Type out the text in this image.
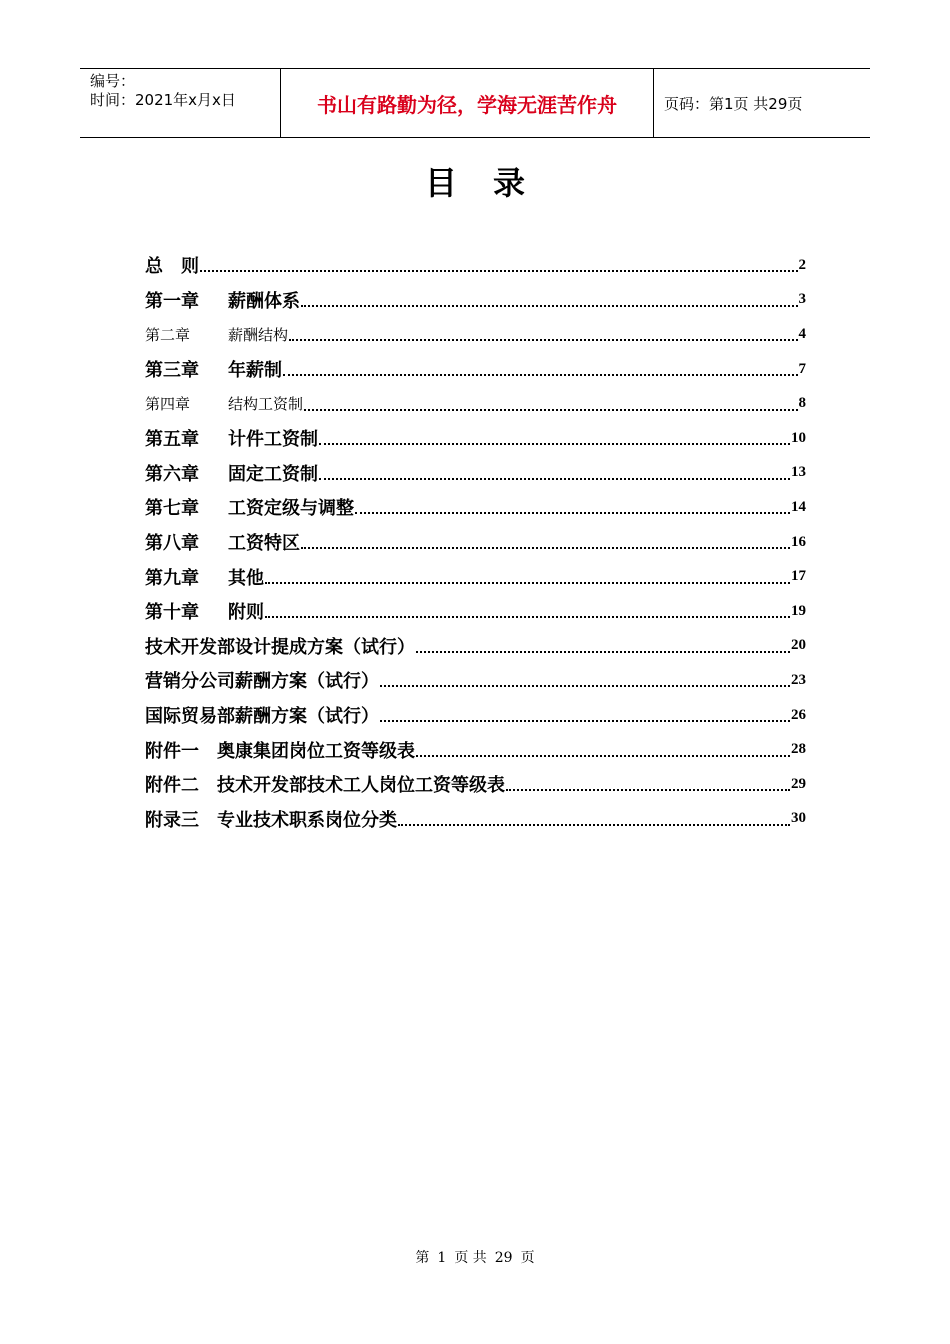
编号：
时间：2021年x月x日	书山有路勤为径，学海无涯苦作舟	页码：第1页 共29页
目录
总　则	2
第一章	薪酬体系	3
第二章	薪酬结构	4
第三章	年薪制	7
第四章	结构工资制	8
第五章	计件工资制	10
第六章	固定工资制	13
第七章	工资定级与调整	14
第八章	工资特区	16
第九章	其他	17
第十章	附则	19
技术开发部设计提成方案（试行）	20
营销分公司薪酬方案（试行）	23
国际贸易部薪酬方案（试行）	26
附件一　奥康集团岗位工资等级表	28
附件二　技术开发部技术工人岗位工资等级表	29
附录三　专业技术职系岗位分类	30
第 1 页 共 29 页
